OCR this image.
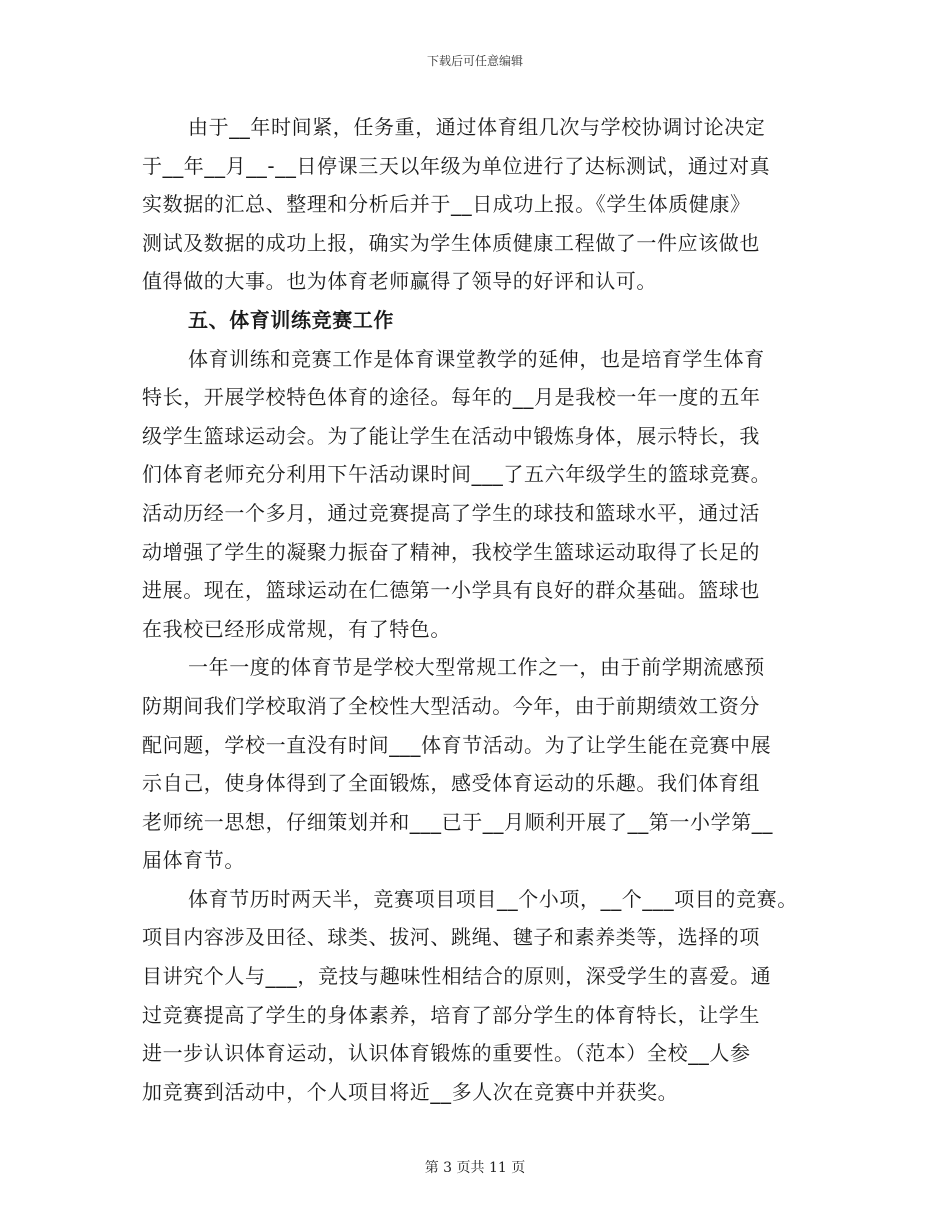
下载后可任意编辑
由于__年时间紧，任务重，通过体育组几次与学校协调讨论决定
于__年__月__-__日停课三天以年级为单位进行了达标测试，通过对真
实数据的汇总、整理和分析后并于__日成功上报。《学生体质健康》
测试及数据的成功上报，确实为学生体质健康工程做了一件应该做也
值得做的大事。也为体育老师赢得了领导的好评和认可。
五、体育训练竞赛工作
体育训练和竞赛工作是体育课堂教学的延伸，也是培育学生体育
特长，开展学校特色体育的途径。每年的__月是我校一年一度的五年
级学生篮球运动会。为了能让学生在活动中锻炼身体，展示特长，我
们体育老师充分利用下午活动课时间___了五六年级学生的篮球竞赛。
活动历经一个多月，通过竞赛提高了学生的球技和篮球水平，通过活
动增强了学生的凝聚力振奋了精神，我校学生篮球运动取得了长足的
进展。现在，篮球运动在仁德第一小学具有良好的群众基础。篮球也
在我校已经形成常规，有了特色。
一年一度的体育节是学校大型常规工作之一，由于前学期流感预
防期间我们学校取消了全校性大型活动。今年，由于前期绩效工资分
配问题，学校一直没有时间___体育节活动。为了让学生能在竞赛中展
示自己，使身体得到了全面锻炼，感受体育运动的乐趣。我们体育组
老师统一思想，仔细策划并和___已于__月顺利开展了__第一小学第__
届体育节。
体育节历时两天半，竞赛项目项目__个小项，__个___项目的竞赛。
项目内容涉及田径、球类、拔河、跳绳、毽子和素养类等，选择的项
目讲究个人与___，竞技与趣味性相结合的原则，深受学生的喜爱。通
过竞赛提高了学生的身体素养，培育了部分学生的体育特长，让学生
进一步认识体育运动，认识体育锻炼的重要性。（范本）全校__人参
加竞赛到活动中，个人项目将近__多人次在竞赛中并获奖。
第 3 页共 11 页
